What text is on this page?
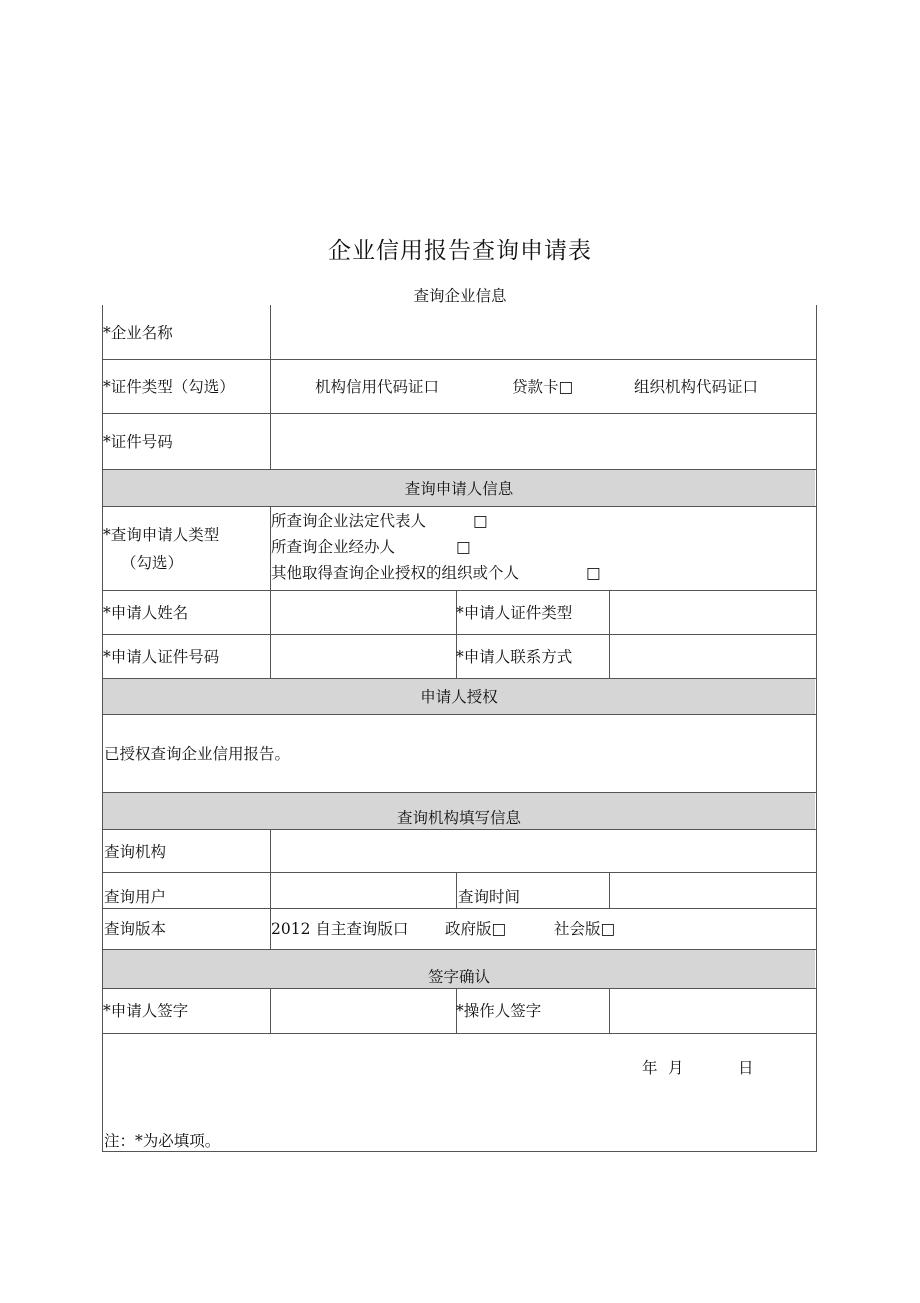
企业信用报告查询申请表
查询企业信息
*企业名称
*证件类型（勾选）	机构信用代码证口	贷款卡□	组织机构代码证口
*证件号码
查询申请人信息
*查询申请人类型
（勾选）
所查询企业法定代表人	□
所查询企业经办人	□
其他取得查询企业授权的组织或个人	□
*申请人姓名	*申请人证件类型
*申请人证件号码	*申请人联系方式
申请人授权
已授权查询企业信用报告。
查询机构填写信息
查询机构
查询用户	查询时间
查询版本	2012 自主查询版口 政府版□	社会版□
签字确认
*申请人签字	*操作人签字
年 月	日
注：*为必填项。
